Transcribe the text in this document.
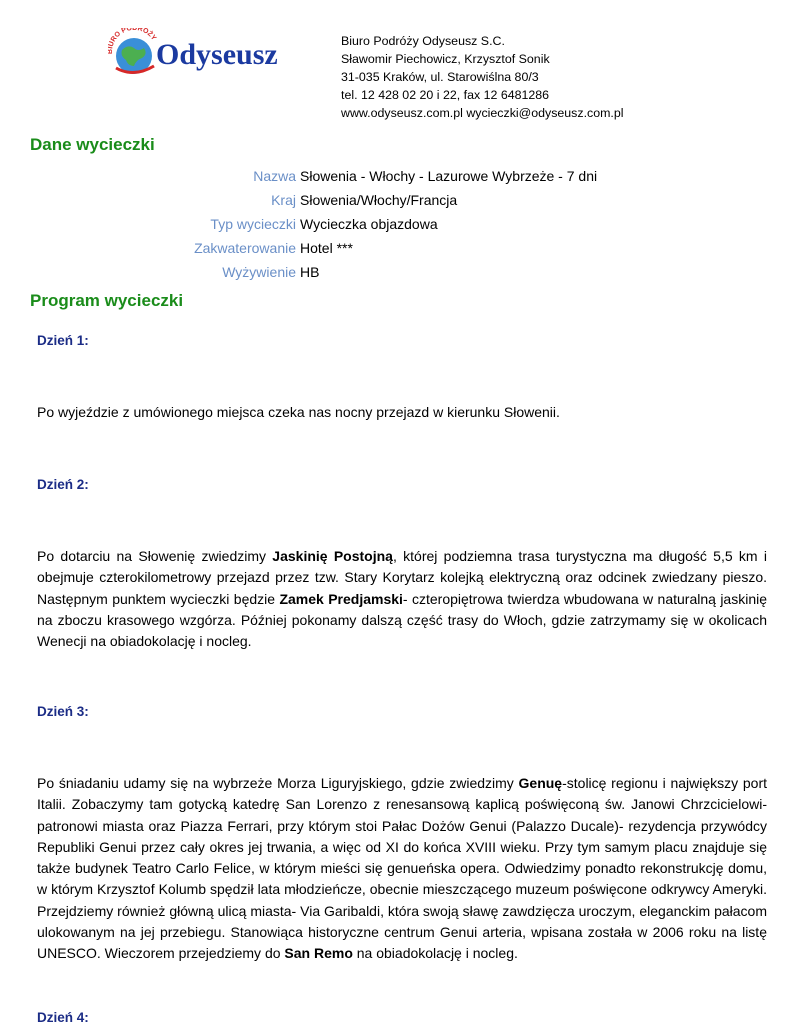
URO PODRÓŻY
Odyseusz	Biuro Podróży Odyseusz S.C.
Sławomir Piechowicz, Krzysztof Sonik
31-035 Kraków, ul. Starowiślna 80/3
tel. 12 428 02 20 i 22, fax 12 6481286
www.odyseusz.com.pl wycieczki@odyseusz.com.pl
Dane wycieczki
Nazwa Słowenia - Włochy - Lazurowe Wybrzeże - 7 dni
Kraj Słowenia/Włochy/Francja
Typ wycieczki Wycieczka objazdowa
Zakwaterowanie Hotel ***
Wyżywienie HB
Program wycieczki
Dzień 1:

Po wyjeździe z umówionego miejsca czeka nas nocny przejazd w kierunku Słowenii.

Dzień 2:

Po dotarciu na Słowenię zwiedzimy Jaskinię Postojną, której podziemna trasa turystyczna ma długość 5,5 km i obejmuje czterokilometrowy przejazd przez tzw. Stary Korytarz kolejką elektryczną oraz odcinek zwiedzany pieszo. Następnym punktem wycieczki będzie Zamek Predjamski- czteropiętrowa twierdza wbudowana w naturalną jaskinię na zboczu krasowego wzgórza. Później pokonamy dalszą część trasy do Włoch, gdzie zatrzymamy się w okolicach Wenecji na obiadokolację i nocleg.

Dzień 3:

Po śniadaniu udamy się na wybrzeże Morza Liguryjskiego, gdzie zwiedzimy Genuę-stolicę regionu i największy port Italii. Zobaczymy tam gotycką katedrę San Lorenzo z renesansową kaplicą poświęconą św. Janowi Chrzcicielowi- patronowi miasta oraz Piazza Ferrari, przy którym stoi Pałac Dożów Genui (Palazzo Ducale)- rezydencja przywódcy Republiki Genui przez cały okres jej trwania, a więc od XI do końca XVIII wieku. Przy tym samym placu znajduje się także budynek Teatro Carlo Felice, w którym mieści się genueńska opera. Odwiedzimy ponadto rekonstrukcję domu, w którym Krzysztof Kolumb spędził lata młodzieńcze, obecnie mieszczącego muzeum poświęcone odkrywcy Ameryki. Przejdziemy również główną ulicą miasta- Via Garibaldi, która swoją sławę zawdzięcza uroczym, eleganckim pałacom ulokowanym na jej przebiegu. Stanowiąca historyczne centrum Genui arteria, wpisana została w 2006 roku na listę UNESCO. Wieczorem przejedziemy do San Remo na obiadokolację i nocleg.

Dzień 4:
